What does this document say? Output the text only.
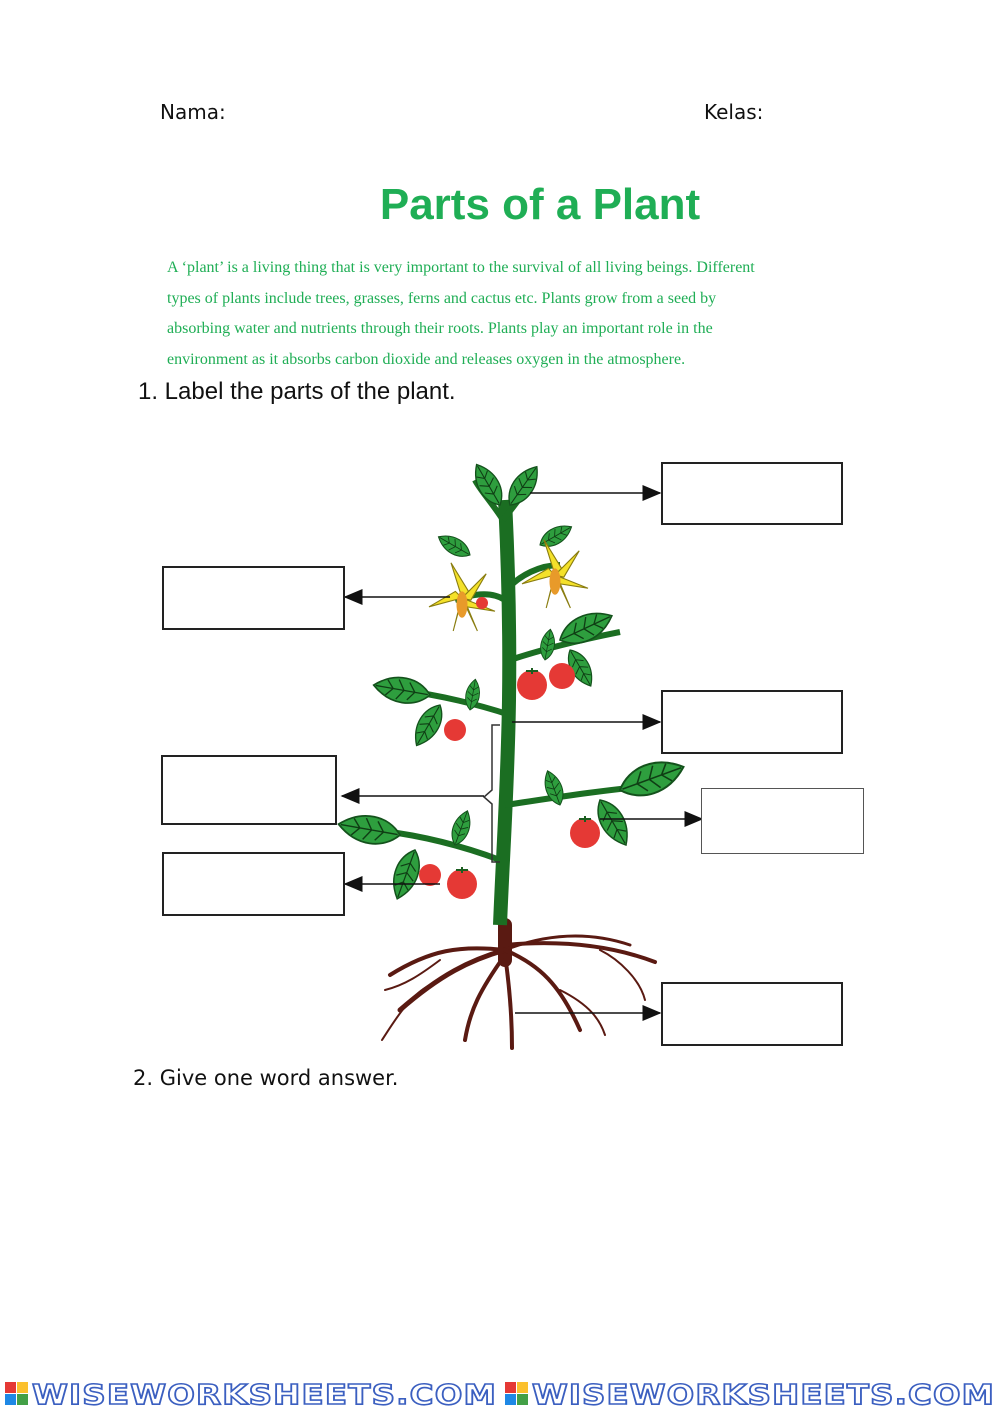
Nama:	Kelas:
Parts of a Plant
A ‘plant’ is a living thing that is very important to the survival of all living beings. Different
types of plants include trees, grasses, ferns and cactus etc. Plants grow from a seed by
absorbing water and nutrients through their roots. Plants play an important role in the
environment as it absorbs carbon dioxide and releases oxygen in the atmosphere.
1. Label the parts of the plant.
2. Give one word answer.
WISEWORKSHEETS.COM WISEWORKSHEETS.COM
